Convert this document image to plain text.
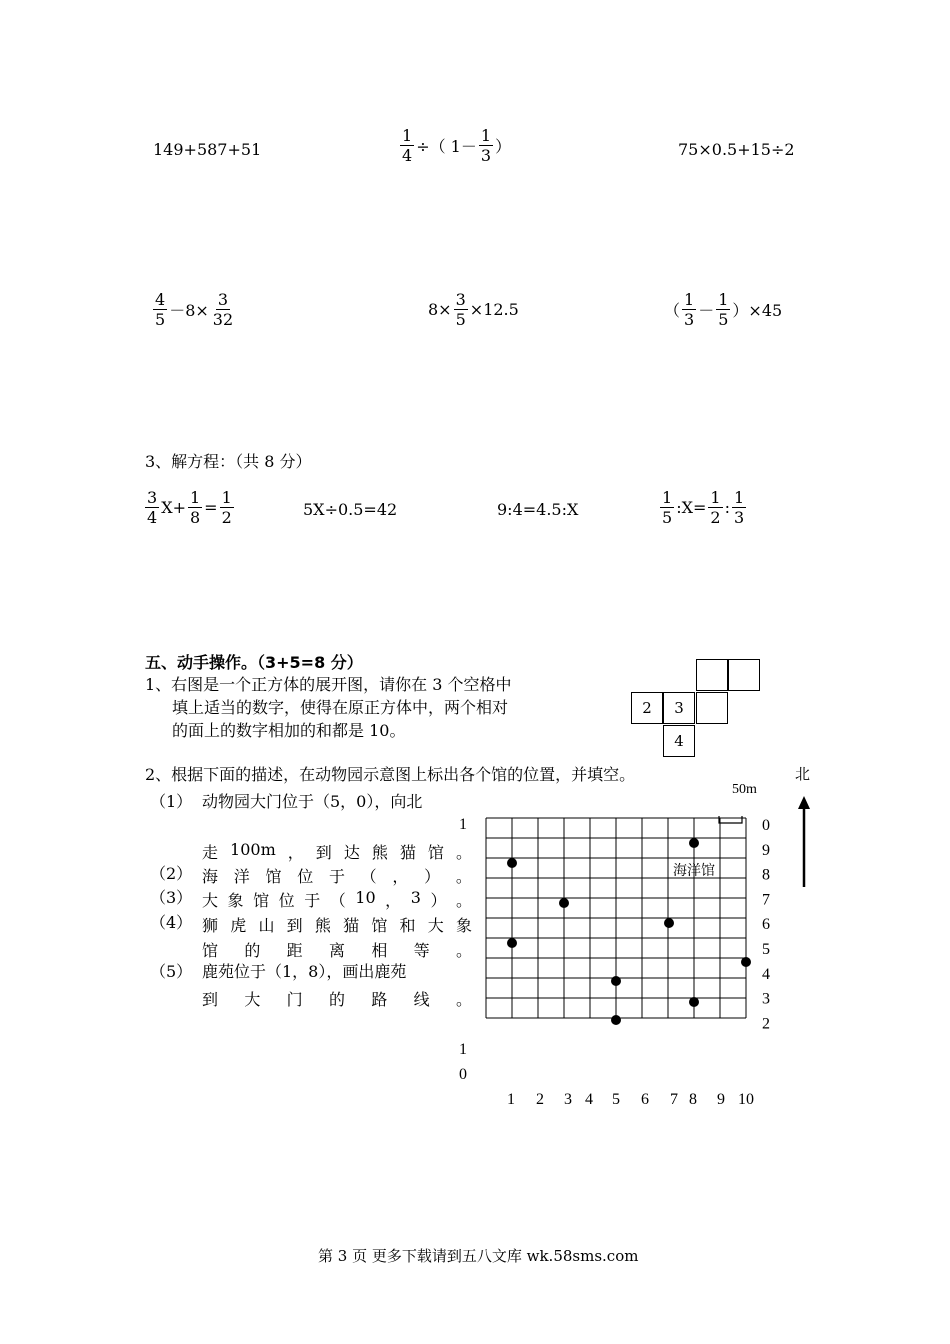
149+587+51	$\frac{1}{4}$ ÷（ $1- \frac{1}{3}$ ）	75×0.5+15÷2
$\frac{4}{5} -8\times \frac{3}{32}$	$8\times \frac{3}{5} \times 12.5$	（ $\frac{1}{3} - \frac{1}{5} )\times 45$
3、解方程：（共 8 分）
$\frac{3}{4} X+ \frac{1}{8} = \frac{1}{2}$	5X÷0.5=42	9:4=4.5:X	$\frac{1}{5}$ :X= $\frac{1}{2}$ : $\frac{1}{3}$
五、动手操作。（3+5=8 分）
1、右图是一个正方体的展开图，请你在 3 个空格中
填上适当的数字，使得在原正方体中，两个相对
的面上的数字相加的和都是 10。
2	3
4
2、根据下面的描述，在动物园示意图上标出各个馆的位置，并填空。	北
（1） 动物园大门位于（5，0），向北
走 100m ， 到 达 熊 猫 馆 。
（2） 海 洋 馆 位 于 （ ， ） 。
（3） 大 象 馆 位 于 （ 10 ， 3 ） 。
（4） 狮 虎 山 到 熊 猫 馆 和 大 象
馆 的 距 离 相 等 。
（5） 鹿苑位于（1，8），画出鹿苑
到 大 门 的 路 线 。
50m
海洋馆
0
9
8
7
6
5
4
3
2
1 2 3 4 5 6 7 8 9 10
1
1
0
第 3 页 更多下载请到五八文库 wk.58sms.com
